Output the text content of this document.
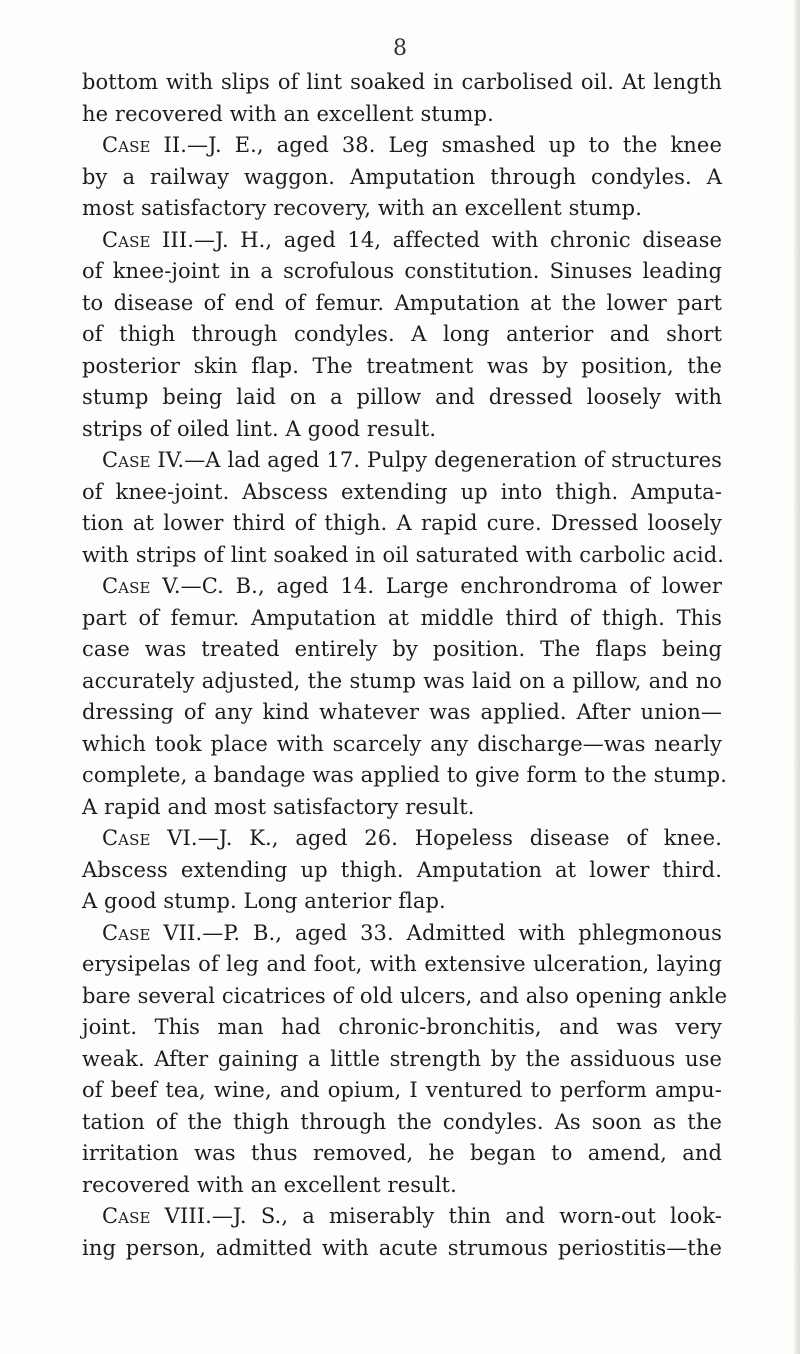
8
bottom with slips of lint soaked in carbolised oil. At length
he recovered with an excellent stump.
Case II.—J. E., aged 38. Leg smashed up to the knee
by a railway waggon. Amputation through condyles. A
most satisfactory recovery, with an excellent stump.
Case III.—J. H., aged 14, affected with chronic disease
of knee-joint in a scrofulous constitution. Sinuses leading
to disease of end of femur. Amputation at the lower part
of thigh through condyles. A long anterior and short
posterior skin flap. The treatment was by position, the
stump being laid on a pillow and dressed loosely with
strips of oiled lint. A good result.
Case IV.—A lad aged 17. Pulpy degeneration of structures
of knee-joint. Abscess extending up into thigh. Amputa-
tion at lower third of thigh. A rapid cure. Dressed loosely
with strips of lint soaked in oil saturated with carbolic acid.
Case V.—C. B., aged 14. Large enchrondroma of lower
part of femur. Amputation at middle third of thigh. This
case was treated entirely by position. The flaps being
accurately adjusted, the stump was laid on a pillow, and no
dressing of any kind whatever was applied. After union—
which took place with scarcely any discharge—was nearly
complete, a bandage was applied to give form to the stump.
A rapid and most satisfactory result.
Case VI.—J. K., aged 26. Hopeless disease of knee.
Abscess extending up thigh. Amputation at lower third.
A good stump. Long anterior flap.
Case VII.—P. B., aged 33. Admitted with phlegmonous
erysipelas of leg and foot, with extensive ulceration, laying
bare several cicatrices of old ulcers, and also opening ankle
joint. This man had chronic-bronchitis, and was very
weak. After gaining a little strength by the assiduous use
of beef tea, wine, and opium, I ventured to perform ampu-
tation of the thigh through the condyles. As soon as the
irritation was thus removed, he began to amend, and
recovered with an excellent result.
Case VIII.—J. S., a miserably thin and worn-out look-
ing person, admitted with acute strumous periostitis—the
